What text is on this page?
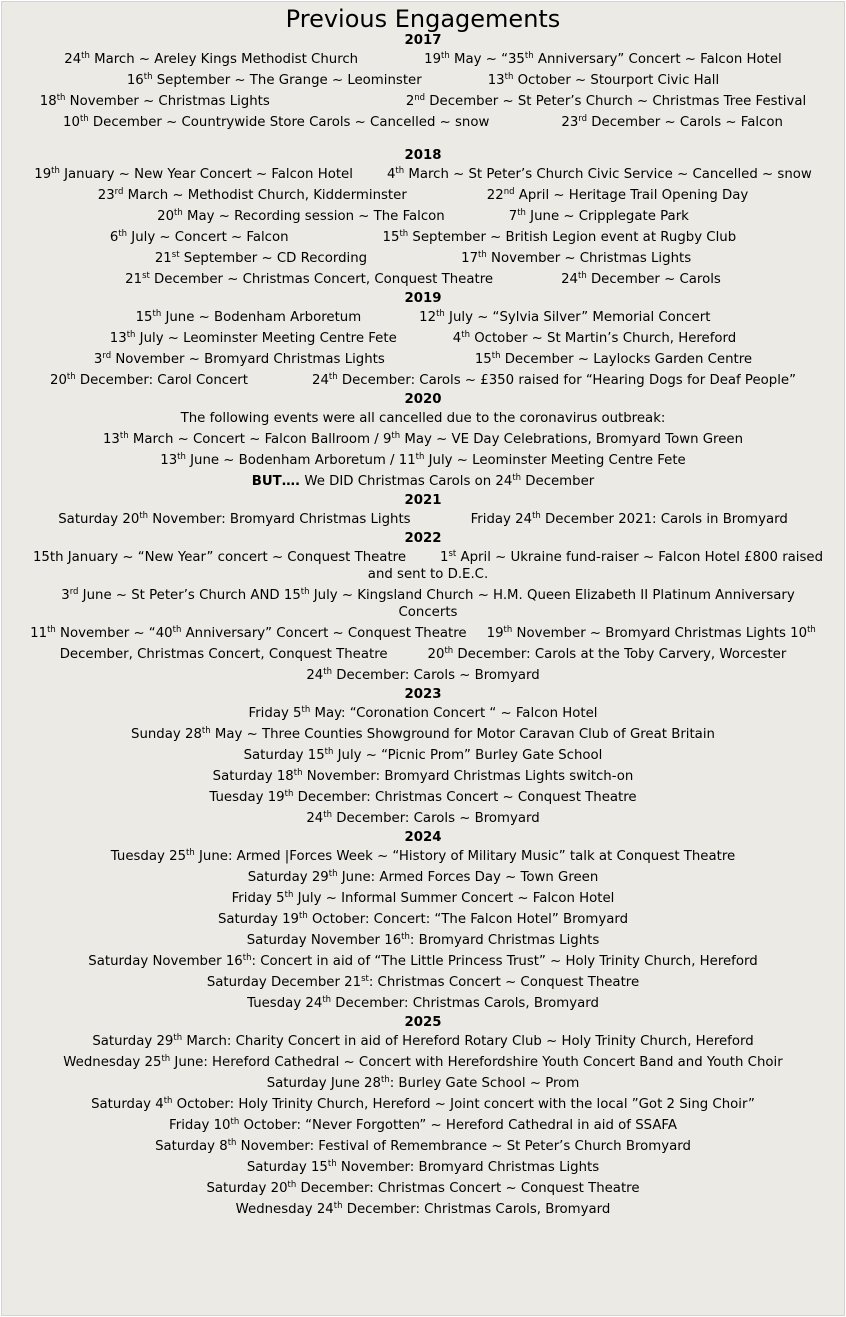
Previous Engagements
2017
24th March ~ Areley Kings Methodist Church	19th May ~ “35th Anniversary” Concert ~ Falcon Hotel
16th September ~ The Grange ~ Leominster	13th October ~ Stourport Civic Hall
18th November ~ Christmas Lights	2nd December ~ St Peter’s Church ~ Christmas Tree Festival
10th December ~ Countrywide Store Carols ~ Cancelled ~ snow	23rd December ~ Carols ~ Falcon
2018
19th January ~ New Year Concert ~ Falcon Hotel	4th March ~ St Peter’s Church Civic Service ~ Cancelled ~ snow
23rd March ~ Methodist Church, Kidderminster	22nd April ~ Heritage Trail Opening Day
20th May ~ Recording session ~ The Falcon	7th June ~ Cripplegate Park
6th July ~ Concert ~ Falcon	15th September ~ British Legion event at Rugby Club
21st September ~ CD Recording	17th November ~ Christmas Lights
21st December ~ Christmas Concert, Conquest Theatre	24th December ~ Carols
2019
15th June ~ Bodenham Arboretum	12th July ~ “Sylvia Silver” Memorial Concert
13th July ~ Leominster Meeting Centre Fete	4th October ~ St Martin’s Church, Hereford
3rd November ~ Bromyard Christmas Lights	15th December ~ Laylocks Garden Centre
20th December: Carol Concert	24th December: Carols ~ £350 raised for “Hearing Dogs for Deaf People”
2020
The following events were all cancelled due to the coronavirus outbreak:
13th March ~ Concert ~ Falcon Ballroom / 9th May ~ VE Day Celebrations, Bromyard Town Green
13th June ~ Bodenham Arboretum / 11th July ~ Leominster Meeting Centre Fete
BUT…. We DID Christmas Carols on 24th December
2021
Saturday 20th November: Bromyard Christmas Lights	Friday 24th December 2021: Carols in Bromyard
2022
15th January ~ “New Year” concert ~ Conquest Theatre	1st April ~ Ukraine fund-raiser ~ Falcon Hotel £800 raised and sent to D.E.C.
3rd June ~ St Peter’s Church AND 15th July ~ Kingsland Church ~ H.M. Queen Elizabeth II Platinum Anniversary Concerts
11th November ~ “40th Anniversary” Concert ~ Conquest Theatre 19th November ~ Bromyard Christmas Lights 10th
December, Christmas Concert, Conquest Theatre	20th December: Carols at the Toby Carvery, Worcester
24th December: Carols ~ Bromyard
2023
Friday 5th May: “Coronation Concert “ ~ Falcon Hotel
Sunday 28th May ~ Three Counties Showground for Motor Caravan Club of Great Britain
Saturday 15th July ~ “Picnic Prom” Burley Gate School
Saturday 18th November: Bromyard Christmas Lights switch-on
Tuesday 19th December: Christmas Concert ~ Conquest Theatre
24th December: Carols ~ Bromyard
2024
Tuesday 25th June: Armed |Forces Week ~ “History of Military Music” talk at Conquest Theatre
Saturday 29th June: Armed Forces Day ~ Town Green
Friday 5th July ~ Informal Summer Concert ~ Falcon Hotel
Saturday 19th October: Concert: “The Falcon Hotel” Bromyard
Saturday November 16th: Bromyard Christmas Lights
Saturday November 16th: Concert in aid of “The Little Princess Trust” ~ Holy Trinity Church, Hereford
Saturday December 21st: Christmas Concert ~ Conquest Theatre
Tuesday 24th December: Christmas Carols, Bromyard
2025
Saturday 29th March: Charity Concert in aid of Hereford Rotary Club ~ Holy Trinity Church, Hereford
Wednesday 25th June: Hereford Cathedral ~ Concert with Herefordshire Youth Concert Band and Youth Choir
Saturday June 28th: Burley Gate School ~ Prom
Saturday 4th October: Holy Trinity Church, Hereford ~ Joint concert with the local ”Got 2 Sing Choir”
Friday 10th October: “Never Forgotten” ~ Hereford Cathedral in aid of SSAFA
Saturday 8th November: Festival of Remembrance ~ St Peter’s Church Bromyard
Saturday 15th November: Bromyard Christmas Lights
Saturday 20th December: Christmas Concert ~ Conquest Theatre
Wednesday 24th December: Christmas Carols, Bromyard
